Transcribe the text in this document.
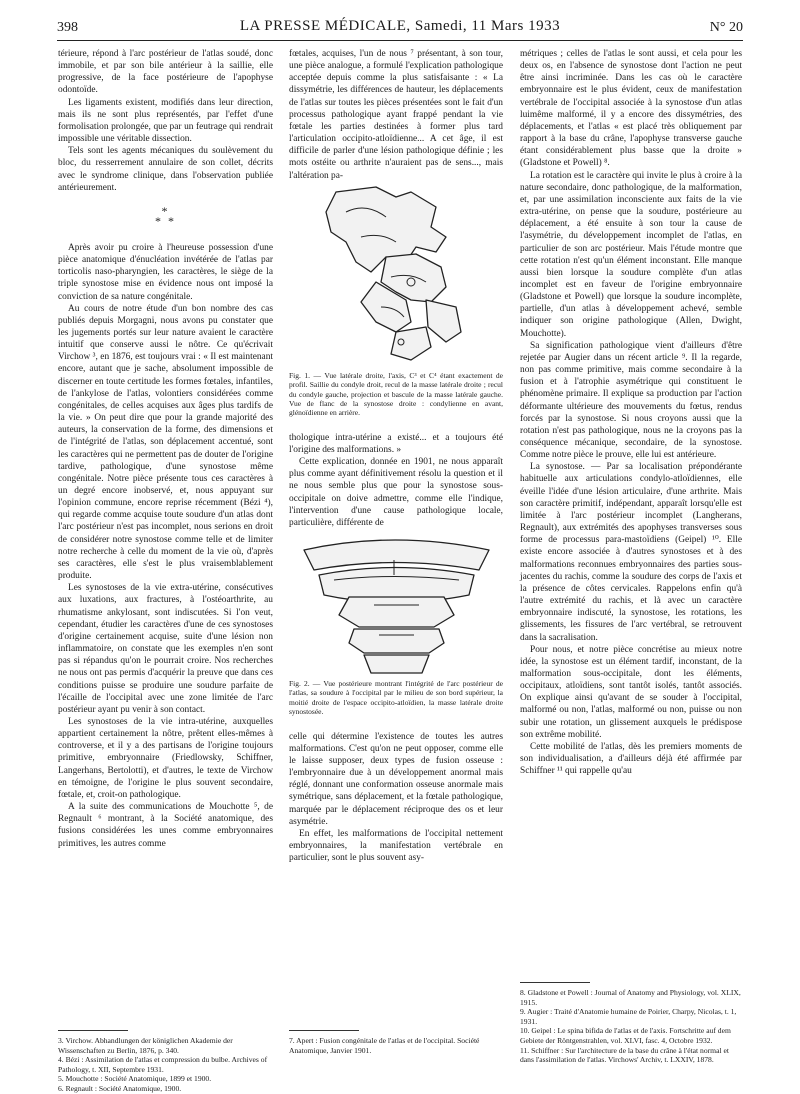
398	LA PRESSE MÉDICALE, Samedi, 11 Mars 1933	N° 20

térieure, répond à l'arc postérieur de l'atlas soudé, donc immobile, et par son bile antérieur à la saillie, elle progressive, de la face postérieure de l'apophyse odontoïde.

Les ligaments existent, modifiés dans leur direction, mais ils ne sont plus représentés, par l'effet d'une formolisation prolongée, que par un feutrage qui rendrait impossible une véritable dissection.

Tels sont les agents mécaniques du soulèvement du bloc, du resserrement annulaire de son collet, décrits avec le syndrome clinique, dans l'observation publiée antérieurement.

*
* *

Après avoir pu croire à l'heureuse possession d'une pièce anatomique d'énucléation invétérée de l'atlas par torticolis naso-pharyngien, les caractères, le siège de la triple synostose mise en évidence nous ont imposé la conviction de sa nature congénitale.

Au cours de notre étude d'un bon nombre des cas publiés depuis Morgagni, nous avons pu constater que les jugements portés sur leur nature avaient le caractère intuitif que conserve aussi le nôtre. Ce qu'écrivait Virchow ³, en 1876, est toujours vrai : « Il est maintenant encore, autant que je sache, absolument impossible de discerner en toute certitude les formes fœtales, infantiles, de l'ankylose de l'atlas, volontiers considérées comme congénitales, de celles acquises aux âges plus tardifs de la vie. » On peut dire que pour la grande majorité des auteurs, la conservation de la forme, des dimensions et de l'intégrité de l'atlas, son déplacement accentué, sont les caractères qui ne permettent pas de douter de l'origine tardive, pathologique, d'une synostose même congénitale. Notre pièce présente tous ces caractères à un degré encore inobservé, et, nous appuyant sur l'opinion commune, encore reprise récemment (Bézi ⁴), qui regarde comme acquise toute soudure d'un atlas dont l'arc postérieur n'est pas incomplet, nous serions en droit de considérer notre synostose comme telle et de limiter notre recherche à celle du moment de la vie où, d'après ses caractères, elle s'est le plus vraisemblablement produite.

Les synostoses de la vie extra-utérine, consécutives aux luxations, aux fractures, à l'ostéoarthrite, au rhumatisme ankylosant, sont indiscutées. Si l'on veut, cependant, étudier les caractères d'une de ces synostoses d'origine certainement acquise, suite d'une lésion non inflammatoire, on constate que les exemples n'en sont pas si répandus qu'on le pourrait croire. Nos recherches ne nous ont pas permis d'acquérir la preuve que dans ces conditions puisse se produire une soudure parfaite de l'écaille de l'occipital avec une zone limitée de l'arc postérieur ayant pu venir à son contact.

Les synostoses de la vie intra-utérine, auxquelles appartient certainement la nôtre, prêtent elles-mêmes à controverse, et il y a des partisans de l'origine toujours primitive, embryonnaire (Friedlowsky, Schiffner, Langerhans, Bertolotti), et d'autres, le texte de Virchow en témoigne, de l'origine le plus souvent secondaire, fœtale, et, croit-on pathologique.

A la suite des communications de Mouchotte ⁵, de Regnault ⁶ montrant, à la Société anatomique, des fusions considérées les unes comme embryonnaires primitives, les autres comme

fœtales, acquises, l'un de nous ⁷ présentant, à son tour, une pièce analogue, a formulé l'explication pathologique acceptée depuis comme la plus satisfaisante : « La dissymétrie, les différences de hauteur, les déplacements de l'atlas sur toutes les pièces présentées sont le fait d'un processus pathologique ayant frappé pendant la vie fœtale les parties destinées à former plus tard l'articulation occipito-atloïdienne... A cet âge, il est difficile de parler d'une lésion pathologique définie ; les mots ostéite ou arthrite n'auraient pas de sens..., mais l'altération pa-

Fig. 1. — Vue latérale droite, l'axis, C³ et C⁴ étant exactement de profil. Saillie du condyle droit, recul de la masse latérale droite ; recul du condyle gauche, projection et bascule de la masse latérale gauche. Vue de flanc de la synostose droite : condylienne en avant, glénoïdienne en arrière.

thologique intra-utérine a existé... et a toujours été l'origine des malformations. »

Cette explication, donnée en 1901, ne nous apparaît plus comme ayant définitivement résolu la question et il ne nous semble plus que pour la synostose sous-occipitale on doive admettre, comme elle l'indique, l'intervention d'une cause pathologique locale, particulière, différente de

Fig. 2. — Vue postérieure montrant l'intégrité de l'arc postérieur de l'atlas, sa soudure à l'occipital par le milieu de son bord supérieur, la moitié droite de l'espace occipito-atloïdien, la masse latérale droite synostosée.

celle qui détermine l'existence de toutes les autres malformations. C'est qu'on ne peut opposer, comme elle le laisse supposer, deux types de fusion osseuse : l'embryonnaire due à un développement anormal mais réglé, donnant une conformation osseuse anormale mais symétrique, sans déplacement, et la fœtale pathologique, marquée par le déplacement réciproque des os et leur asymétrie.

En effet, les malformations de l'occipital nettement embryonnaires, la manifestation vertébrale en particulier, sont le plus souvent asy-

métriques ; celles de l'atlas le sont aussi, et cela pour les deux os, en l'absence de synostose dont l'action ne peut être ainsi incriminée. Dans les cas où le caractère embryonnaire est le plus évident, ceux de manifestation vertébrale de l'occipital associée à la synostose d'un atlas luimême malformé, il y a encore des dissymétries, des déplacements, et l'atlas « est placé très obliquement par rapport à la base du crâne, l'apophyse transverse gauche étant considérablement plus basse que la droite » (Gladstone et Powell) ⁸.

La rotation est le caractère qui invite le plus à croire à la nature secondaire, donc pathologique, de la malformation, et, par une assimilation inconsciente aux faits de la vie extra-utérine, on pense que la soudure, postérieure au déplacement, a été ensuite à son tour la cause de l'asymétrie, du développement incomplet de l'atlas, en particulier de son arc postérieur. Mais l'étude montre que cette rotation n'est qu'un élément inconstant. Elle manque aussi bien lorsque la soudure complète d'un atlas incomplet est en faveur de l'origine embryonnaire (Gladstone et Powell) que lorsque la soudure incomplète, partielle, d'un atlas à développement achevé, semble indiquer son origine pathologique (Allen, Dwight, Mouchotte).

Sa signification pathologique vient d'ailleurs d'être rejetée par Augier dans un récent article ⁹. Il la regarde, non pas comme primitive, mais comme secondaire à la fusion et à l'atrophie asymétrique qui constituent le phénomène primaire. Il explique sa production par l'action déformante ultérieure des mouvements du fœtus, rendus forcés par la synostose. Si nous croyons aussi que la rotation n'est pas pathologique, nous ne la croyons pas la conséquence mécanique, secondaire, de la synostose. Comme notre pièce le prouve, elle lui est antérieure.

La synostose. — Par sa localisation prépondérante habituelle aux articulations condylo-atloïdiennes, elle éveille l'idée d'une lésion articulaire, d'une arthrite. Mais son caractère primitif, indépendant, apparaît lorsqu'elle est limitée à l'arc postérieur incomplet (Langherans, Regnault), aux extrémités des apophyses transverses sous forme de processus para-mastoïdiens (Geipel) ¹⁰. Elle existe encore associée à d'autres synostoses et à des malformations reconnues embryonnaires des parties sous-jacentes du rachis, comme la soudure des corps de l'axis et la présence de côtes cervicales. Rappelons enfin qu'à l'autre extrémité du rachis, et là avec un caractère embryonnaire indiscuté, la synostose, les rotations, les glissements, les fissures de l'arc vertébral, se retrouvent dans la sacralisation.

Pour nous, et notre pièce concrétise au mieux notre idée, la synostose est un élément tardif, inconstant, de la malformation sous-occipitale, dont les éléments, occipitaux, atloïdiens, sont tantôt isolés, tantôt associés. On explique ainsi qu'avant de se souder à l'occipital, malformé ou non, l'atlas, malformé ou non, puisse ou non subir une rotation, un glissement auxquels le prédispose son extrême mobilité.

Cette mobilité de l'atlas, dès les premiers moments de son individualisation, a d'ailleurs déjà été affirmée par Schiffner ¹¹ qui rappelle qu'au

3. Virchow. Abhandlungen der königlichen Akademie der Wissenschaften zu Berlin, 1876, p. 340.

4. Bézi : Assimilation de l'atlas et compression du bulbe. Archives of Pathology, t. XII, Septembre 1931.

5. Mouchotte : Société Anatomique, 1899 et 1900.

6. Regnault : Société Anatomique, 1900.

7. Apert : Fusion congénitale de l'atlas et de l'occipital. Société Anatomique, Janvier 1901.

8. Gladstone et Powell : Journal of Anatomy and Physiology, vol. XLIX, 1915.

9. Augier : Traité d'Anatomie humaine de Poirier, Charpy, Nicolas, t. 1, 1931.

10. Geipel : Le spina bifida de l'atlas et de l'axis. Fortschritte auf dem Gebiete der Röntgenstrahlen, vol. XLVI, fasc. 4, Octobre 1932.

11. Schiffner : Sur l'architecture de la base du crâne à l'état normal et dans l'assimilation de l'atlas. Virchows' Archiv, t. LXXIV, 1878.
